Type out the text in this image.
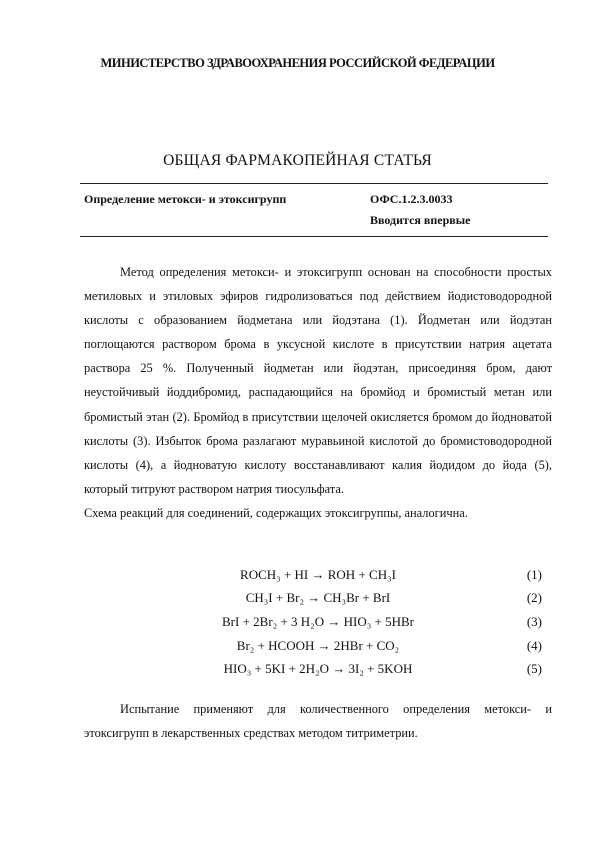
МИНИСТЕРСТВО ЗДРАВООХРАНЕНИЯ РОССИЙСКОЙ ФЕДЕРАЦИИ
ОБЩАЯ ФАРМАКОПЕЙНАЯ СТАТЬЯ
Определение метокси- и этоксигрупп	ОФС.1.2.3.0033
Вводится впервые
Метод определения метокси- и этоксигрупп основан на способности простых метиловых и этиловых эфиров гидролизоваться под действием йодистоводородной кислоты с образованием йодметана или йодэтана (1). Йодметан или йодэтан поглощаются раствором брома в уксусной кислоте в присутствии натрия ацетата раствора 25 %. Полученный йодметан или йодэтан, присоединяя бром, дают неустойчивый йоддибромид, распадающийся на бромйод и бромистый метан или бромистый этан (2). Бромйод в присутствии щелочей окисляется бромом до йодноватой кислоты (3). Избыток брома разлагают муравьиной кислотой до бромистоводородной кислоты (4), а йодноватую кислоту восстанавливают калия йодидом до йода (5), который титруют раствором натрия тиосульфата.
Схема реакций для соединений, содержащих этоксигруппы, аналогична.
ROCH₃ + HI → ROH + CH₃I	(1)
CH₃I + Br₂ → CH₃Br + BrI	(2)
BrI + 2Br₂ + 3 H₂O → HIO₃ + 5HBr	(3)
Br₂ + HCOOH → 2HBr + CO₂	(4)
HIO₃ + 5KI + 2H₂O → 3I₂ + 5KOH	(5)

Испытание применяют для количественного определения метокси- и этоксигрупп в лекарственных средствах методом титриметрии.
